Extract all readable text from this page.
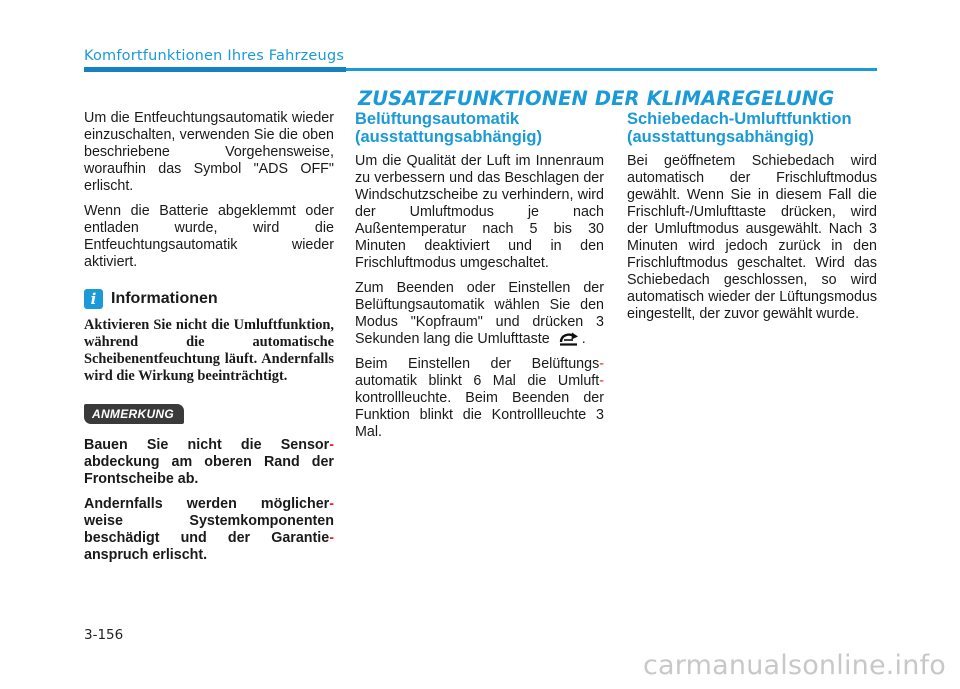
Komfortfunktionen Ihres Fahrzeugs
ZUSATZFUNKTIONEN DER KLIMAREGELUNG

Um die Entfeuchtungsautomatik wieder einzuschalten, verwenden Sie die oben beschriebene Vorgehensweise, woraufhin das Symbol "ADS OFF" erlischt.

Wenn die Batterie abgeklemmt oder entladen wurde, wird die Entfeuchtungsautomatik wieder aktiviert.

i Informationen
Aktivieren Sie nicht die Umluftfunktion, während die automatische Scheibenentfeuchtung läuft. Andernfalls wird die Wirkung beeinträchtigt.
ANMERKUNG

Bauen Sie nicht die Sensor- abdeckung am oberen Rand der Frontscheibe ab.

Andernfalls werden möglicher- weise Systemkomponenten beschädigt und der Garantie- anspruch erlischt.

Belüftungsautomatik (ausstattungsabhängig)

Um die Qualität der Luft im Innenraum zu verbessern und das Beschlagen der Windschutzscheibe zu verhindern, wird der Umluftmodus je nach Außentemperatur nach 5 bis 30 Minuten deaktiviert und in den Frischluftmodus umgeschaltet.

Zum Beenden oder Einstellen der Belüftungsautomatik wählen Sie den Modus "Kopfraum" und drücken 3 Sekunden lang die Umlufttaste .

Beim Einstellen der Belüftungs- automatik blinkt 6 Mal die Umluft- kontrollleuchte. Beim Beenden der Funktion blinkt die Kontrollleuchte 3 Mal.

Schiebedach-Umluftfunktion (ausstattungsabhängig)

Bei geöffnetem Schiebedach wird automatisch der Frischluftmodus gewählt. Wenn Sie in diesem Fall die Frischluft-/Umlufttaste drücken, wird der Umluftmodus ausgewählt. Nach 3 Minuten wird jedoch zurück in den Frischluftmodus geschaltet. Wird das Schiebedach geschlossen, so wird automatisch wieder der Lüftungsmodus eingestellt, der zuvor gewählt wurde.

3-156
carmanualsonline.info
